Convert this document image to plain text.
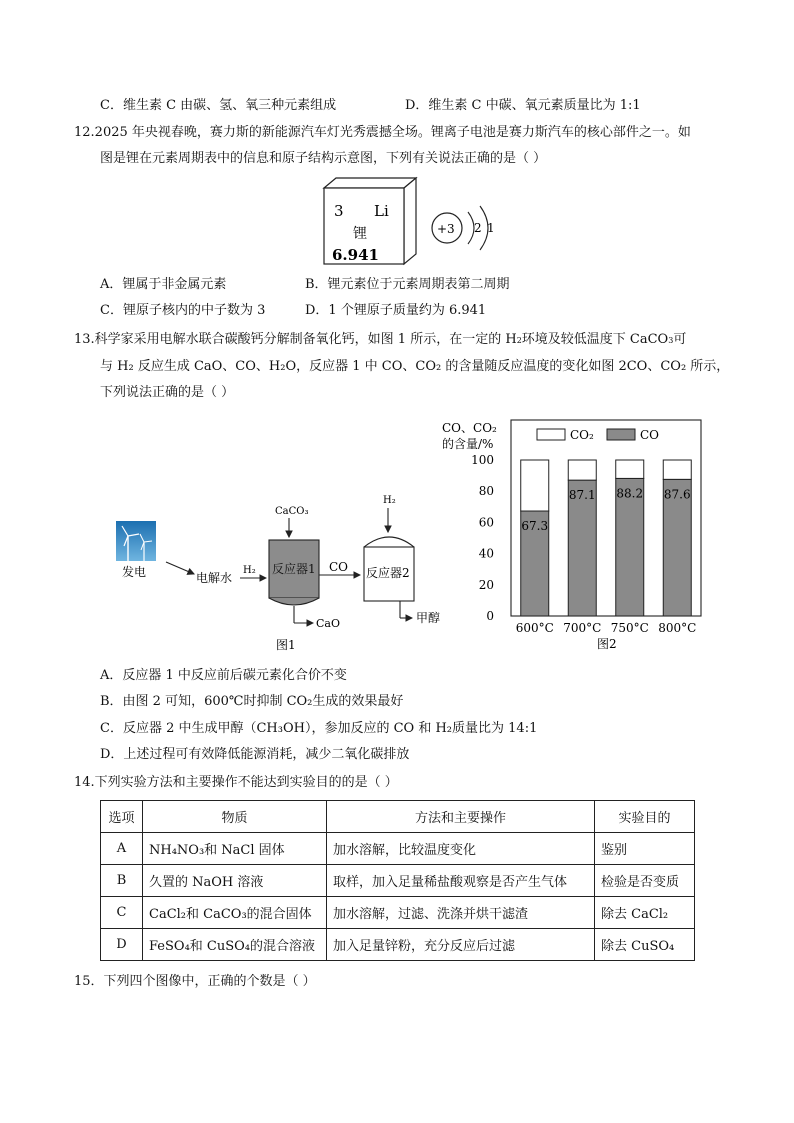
C．维生素 C 由碳、氢、氧三种元素组成	D．维生素 C 中碳、氧元素质量比为 1:1
12.2025 年央视春晚，赛力斯的新能源汽车灯光秀震撼全场。锂离子电池是赛力斯汽车的核心部件之一。如
图是锂在元素周期表中的信息和原子结构示意图，下列有关说法正确的是（ ）
3 Li
锂
6.941
+3 2 1
A．锂属于非金属元素	B．锂元素位于元素周期表第二周期
C．锂原子核内的中子数为 3	D．1 个锂原子质量约为 6.941
13.科学家采用电解水联合碳酸钙分解制备氧化钙，如图 1 所示，在一定的 H2环境及较低温度下 CaCO3可
与 H₂ 反应生成 CaO、CO、H₂O，反应器 1 中 CO、CO₂ 的含量随反应温度的变化如图 2CO、CO₂ 所示，
下列说法正确的是（ ）
发电	电解水
H₂
CaCO₃
反应器1
CaO
CO
H₂
反应器2
甲醇
图1
CO、CO₂
的含量/%
CO₂	CO
0
20
40
60
80
100
67.3
87.1 88.2 87.6
600°C 700°C 750°C 800°C
图2
A．反应器 1 中反应前后碳元素化合价不变
B．由图 2 可知，600℃时抑制 CO₂生成的效果最好
C．反应器 2 中生成甲醇（CH₃OH），参加反应的 CO 和 H₂质量比为 14:1
D．上述过程可有效降低能源消耗，减少二氧化碳排放
14.下列实验方法和主要操作不能达到实验目的的是（ ）
选项	物质	方法和主要操作	实验目的
A	NH₄NO₃和 NaCl 固体	加水溶解，比较温度变化	鉴别
B	久置的 NaOH 溶液	取样，加入足量稀盐酸观察是否产生气体	检验是否变质
C	CaCl₂和 CaCO₃的混合固体	加水溶解，过滤、洗涤并烘干滤渣	除去 CaCl₂
D	FeSO₄和 CuSO₄的混合溶液	加入足量锌粉，充分反应后过滤	除去 CuSO₄
15．下列四个图像中，正确的个数是（ ）
